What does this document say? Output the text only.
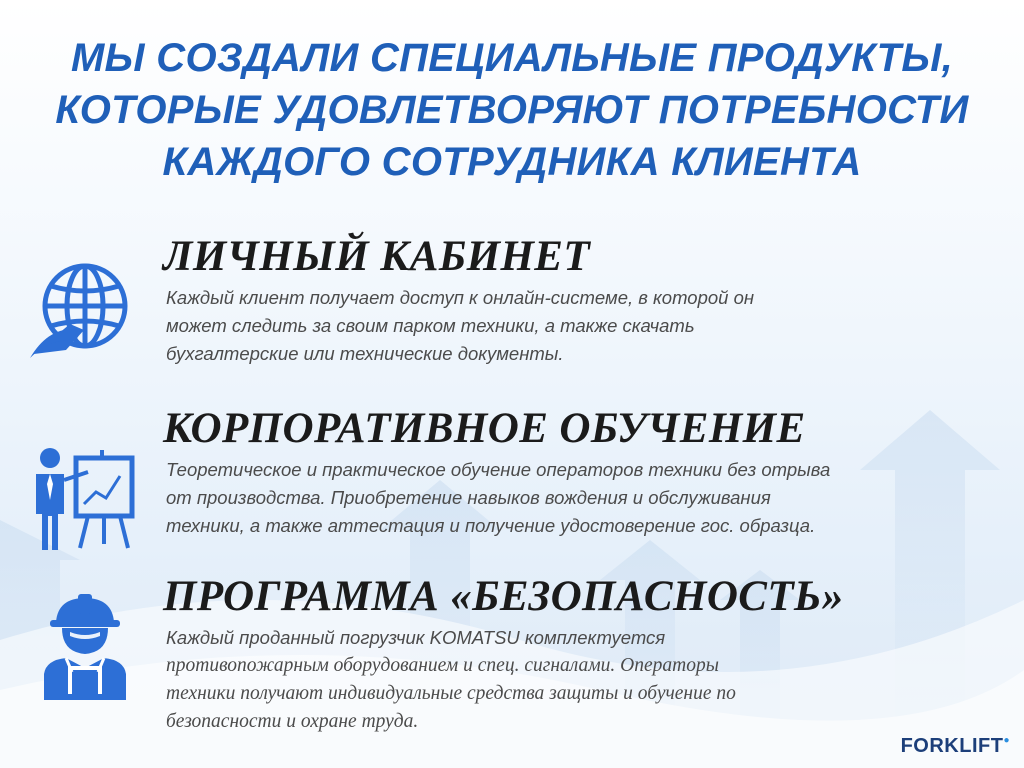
МЫ СОЗДАЛИ СПЕЦИАЛЬНЫЕ ПРОДУКТЫ,
КОТОРЫЕ УДОВЛЕТВОРЯЮТ ПОТРЕБНОСТИ
КАЖДОГО СОТРУДНИКА КЛИЕНТА
ЛИЧНЫЙ КАБИНЕТ

Каждый клиент получает доступ к онлайн-системе, в которой он
может следить за своим парком техники, а также скачать
бухгалтерские или технические документы.

КОРПОРАТИВНОЕ ОБУЧЕНИЕ

Теоретическое и практическое обучение операторов техники без отрыва
от производства. Приобретение навыков вождения и обслуживания
техники, а также аттестация и получение удостоверение гос. образца.

ПРОГРАММА «БЕЗОПАСНОСТЬ»

Каждый проданный погрузчик KOMATSU комплектуется
противопожарным оборудованием и спец. сигналами. Операторы
техники получают индивидуальные средства защиты и обучение по
безопасности и охране труда.

FORKLIFT●
